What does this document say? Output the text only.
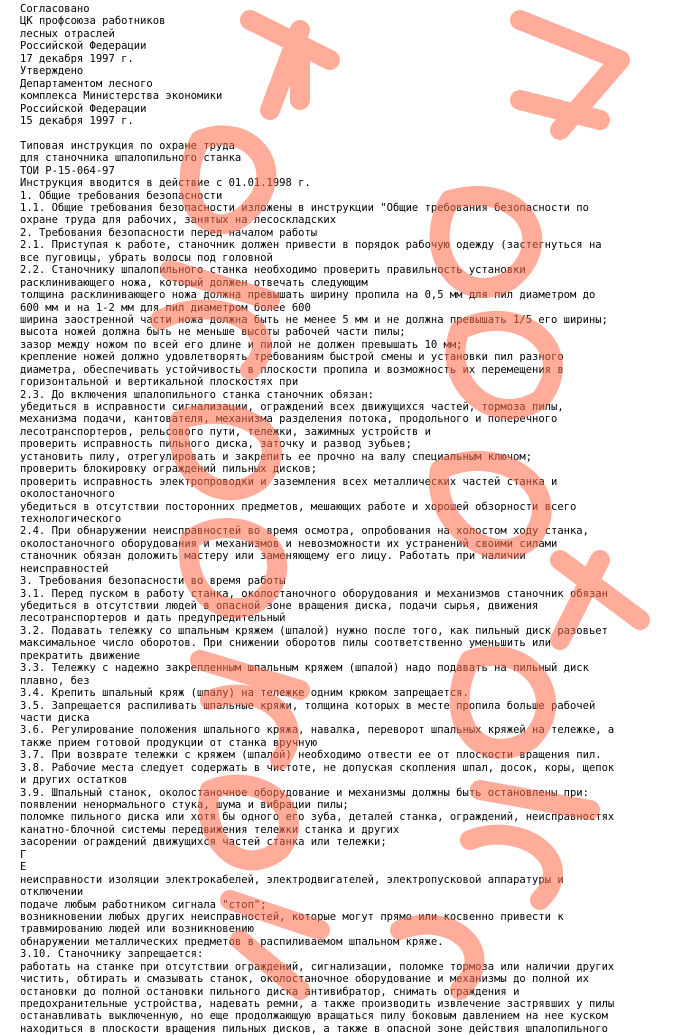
Согласовано
ЦК профсоюза работников
лесных отраслей
Российской Федерации
17 декабря 1997 г.
Утверждено
Департаментом лесного
комплекса Министерства экономики
Российской Федерации
15 декабря 1997 г.
Типовая инструкция по охране труда
для станочника шпалопильного станка
ТОИ Р-15-064-97
Инструкция вводится в действие с 01.01.1998 г.
1. Общие требования безопасности
1.1. Общие требования безопасности изложены в инструкции "Общие требования безопасности по
охране труда для рабочих, занятых на лесоскладских
2. Требования безопасности перед началом работы
2.1. Приступая к работе, станочник должен привести в порядок рабочую одежду (застегнуться на
все пуговицы, убрать волосы под головной
2.2. Станочнику шпалопильного станка необходимо проверить правильность установки
расклинивающего ножа, который должен отвечать следующим
толщина расклинивающего ножа должна превышать ширину пропила на 0,5 мм для пил диаметром до
600 мм и на 1-2 мм для пил диаметром более 600
ширина заостренной части ножа должна быть не менее 5 мм и не должна превышать 1/5 его ширины;
высота ножей должна быть не меньше высоты рабочей части пилы;
зазор между ножом по всей его длине и пилой не должен превышать 10 мм;
крепление ножей должно удовлетворять требованиям быстрой смены и установки пил разного
диаметра, обеспечивать устойчивость в плоскости пропила и возможность их перемещения в
горизонтальной и вертикальной плоскостях при
2.3. До включения шпалопильного станка станочник обязан:
убедиться в исправности сигнализации, ограждений всех движущихся частей, тормоза пилы,
механизма подачи, кантователя, механизма разделения потока, продольного и поперечного
лесотранспортеров, рельсового пути, тележки, зажимных устройств и
проверить исправность пильного диска, заточку и развод зубьев;
установить пилу, отрегулировать и закрепить ее прочно на валу специальным ключом;
проверить блокировку ограждений пильных дисков;
проверить исправность электропроводки и заземления всех металлических частей станка и
околостаночного
убедиться в отсутствии посторонних предметов, мешающих работе и хорошей обзорности всего
технологического
2.4. При обнаружении неисправностей во время осмотра, опробования на холостом ходу станка,
околостаночного оборудования и механизмов и невозможности их устранений своими силами
станочник обязан доложить мастеру или заменяющему его лицу. Работать при наличии
неисправностей
3. Требования безопасности во время работы
3.1. Перед пуском в работу станка, околостаночного оборудования и механизмов станочник обязан
убедиться в отсутствии людей в опасной зоне вращения диска, подачи сырья, движения
лесотранспортеров и дать предупредительный
3.2. Подавать тележку со шпальным кряжем (шпалой) нужно после того, как пильный диск разовьет
максимальное число оборотов. При снижении оборотов пилы соответственно уменьшить или
прекратить движение
3.3. Тележку с надежно закрепленным шпальным кряжем (шпалой) надо подавать на пильный диск
плавно, без
3.4. Крепить шпальный кряж (шпалу) на тележке одним крюком запрещается.
3.5. Запрещается распиливать шпальные кряжи, толщина которых в месте пропила больше рабочей
части диска
3.6. Регулирование положения шпального кряжа, навалка, переворот шпальных кряжей на тележке, а
также прием готовой продукции от станка вручную
3.7. При возврате тележки с кряжем (шпалой) необходимо отвести ее от плоскости вращения пил.
3.8. Рабочие места следует содержать в чистоте, не допуская скопления шпал, досок, коры, щепок
и других остатков
3.9. Шпальный станок, околостаночное оборудование и механизмы должны быть остановлены при:
появлении ненормального стука, шума и вибрации пилы;
поломке пильного диска или хотя бы одного его зуба, деталей станка, ограждений, неисправностях
канатно-блочной системы передвижения тележки станка и других
засорении ограждений движущихся частей станка или тележки;
Г
Е
неисправности изоляции электрокабелей, электродвигателей, электропусковой аппаратуры и
отключении
подаче любым работником сигнала "стоп";
возникновении любых других неисправностей, которые могут прямо или косвенно привести к
травмированию людей или возникновению
обнаружении металлических предметов в распиливаемом шпальном кряже.
3.10. Станочнику запрещается:
работать на станке при отсутствии ограждений, сигнализации, поломке тормоза или наличии других
чистить, обтирать и смазывать станок, околостаночное оборудование и механизмы до полной их
остановки до полной остановки пильного диска антивибратор, снимать ограждения и
предохранительные устройства, надевать ремни, а также производить извлечение застрявших у пилы
останавливать выключенную, но еще продолжающую вращаться пилу боковым давлением на нее куском
находиться в плоскости вращения пильных дисков, а также в опасной зоне действия шпалопильного
